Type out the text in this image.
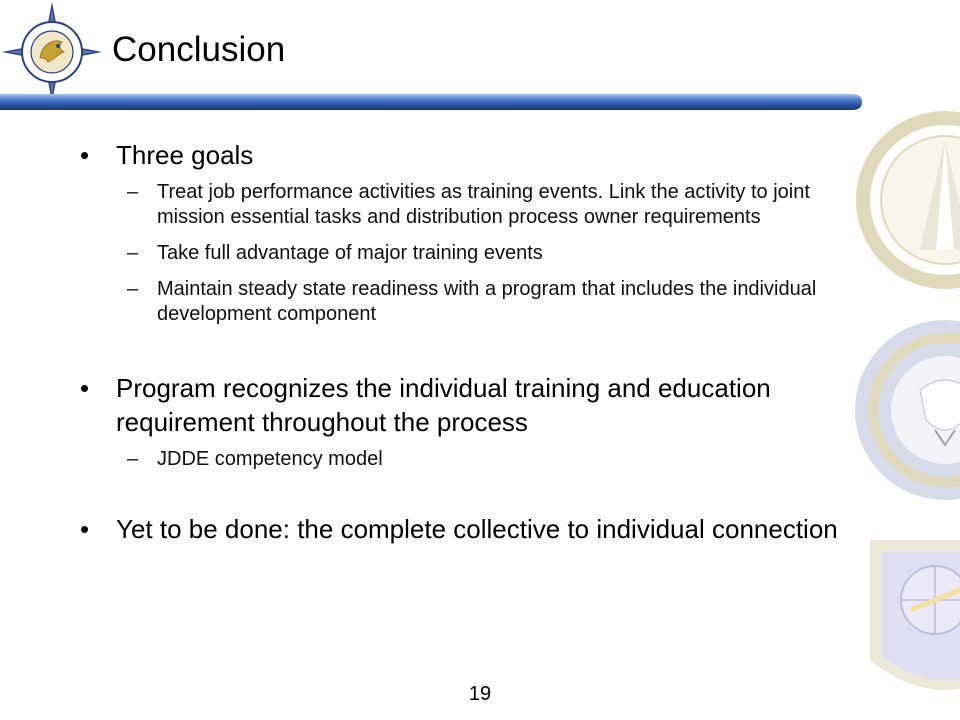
Conclusion
• Three goals
– Treat job performance activities as training events. Link the activity to joint mission essential tasks and distribution process owner requirements
– Take full advantage of major training events
– Maintain steady state readiness with a program that includes the individual development component
• Program recognizes the individual training and education requirement throughout the process
– JDDE competency model
• Yet to be done: the complete collective to individual connection
19
